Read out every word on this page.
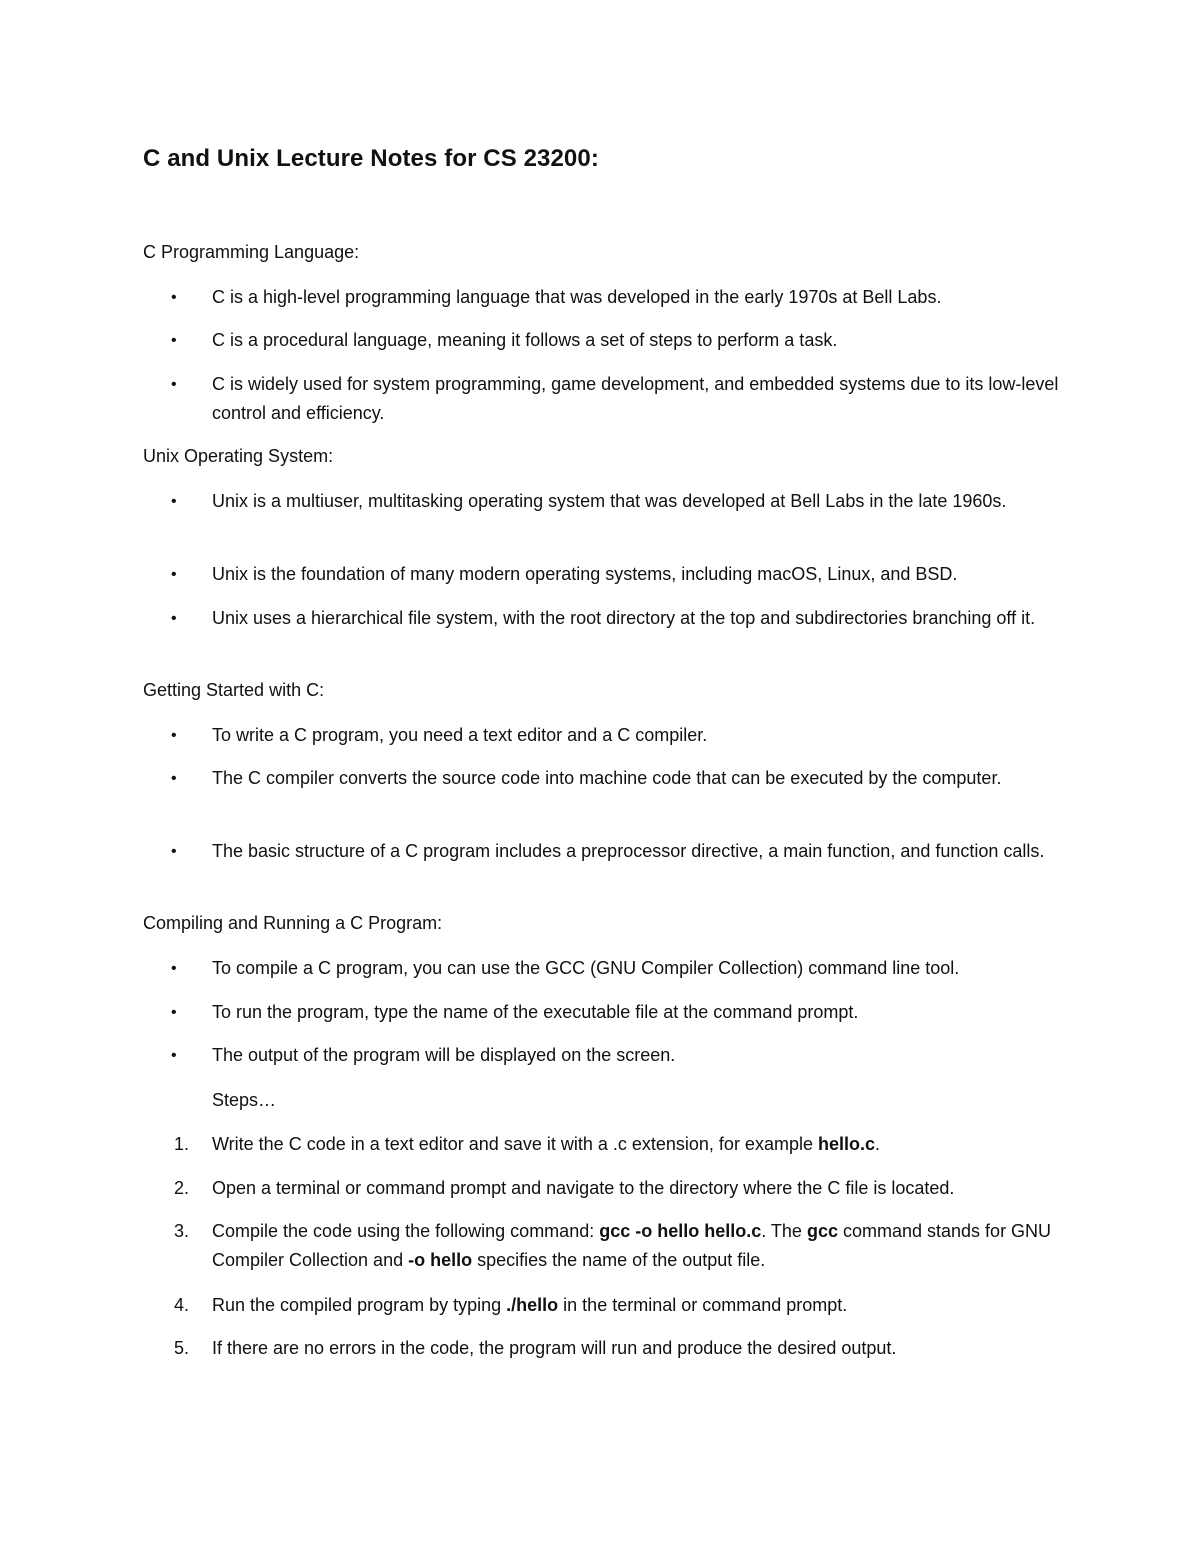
C and Unix Lecture Notes for CS 23200:
C Programming Language:
•	C is a high-level programming language that was developed in the early 1970s at Bell Labs.
•	C is a procedural language, meaning it follows a set of steps to perform a task.
•	C is widely used for system programming, game development, and embedded systems due to its low-level control and efficiency.
Unix Operating System:
•	Unix is a multiuser, multitasking operating system that was developed at Bell Labs in the late 1960s.
•	Unix is the foundation of many modern operating systems, including macOS, Linux, and BSD.
•	Unix uses a hierarchical file system, with the root directory at the top and subdirectories branching off it.
Getting Started with C:
•	To write a C program, you need a text editor and a C compiler.
•	The C compiler converts the source code into machine code that can be executed by the computer.
•	The basic structure of a C program includes a preprocessor directive, a main function, and function calls.
Compiling and Running a C Program:
•	To compile a C program, you can use the GCC (GNU Compiler Collection) command line tool.
•	To run the program, type the name of the executable file at the command prompt.
•	The output of the program will be displayed on the screen.
Steps…
1.	Write the C code in a text editor and save it with a .c extension, for example hello.c.
2.	Open a terminal or command prompt and navigate to the directory where the C file is located.
3.	Compile the code using the following command: gcc -o hello hello.c. The gcc command stands for GNU Compiler Collection and -o hello specifies the name of the output file.
4.	Run the compiled program by typing ./hello in the terminal or command prompt.
5.	If there are no errors in the code, the program will run and produce the desired output.
